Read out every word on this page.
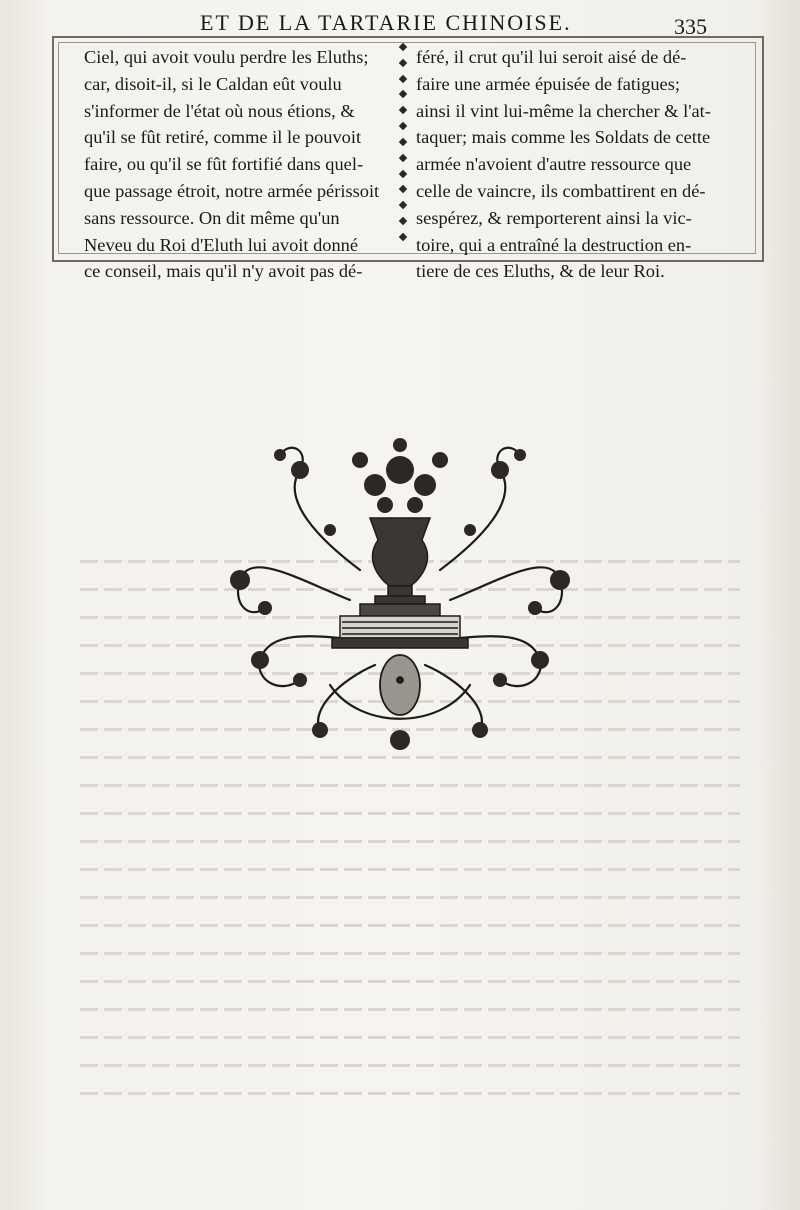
ET DE LA TARTARIE CHINOISE.	335
Ciel, qui avoit voulu perdre les Eluths;
car, disoit-il, si le Caldan eût voulu
s'informer de l'état où nous étions, &
qu'il se fût retiré, comme il le pouvoit
faire, ou qu'il se fût fortifié dans quel-
que passage étroit, notre armée périssoit
sans ressource. On dit même qu'un
Neveu du Roi d'Eluth lui avoit donné
ce conseil, mais qu'il n'y avoit pas dé-
féré, il crut qu'il lui seroit aisé de dé-
faire une armée épuisée de fatigues;
ainsi il vint lui-même la chercher & l'at-
taquer; mais comme les Soldats de cette
armée n'avoient d'autre ressource que
celle de vaincre, ils combattirent en dé-
sespérez, & remporterent ainsi la vic-
toire, qui a entraîné la destruction en-
tiere de ces Eluths, & de leur Roi.
